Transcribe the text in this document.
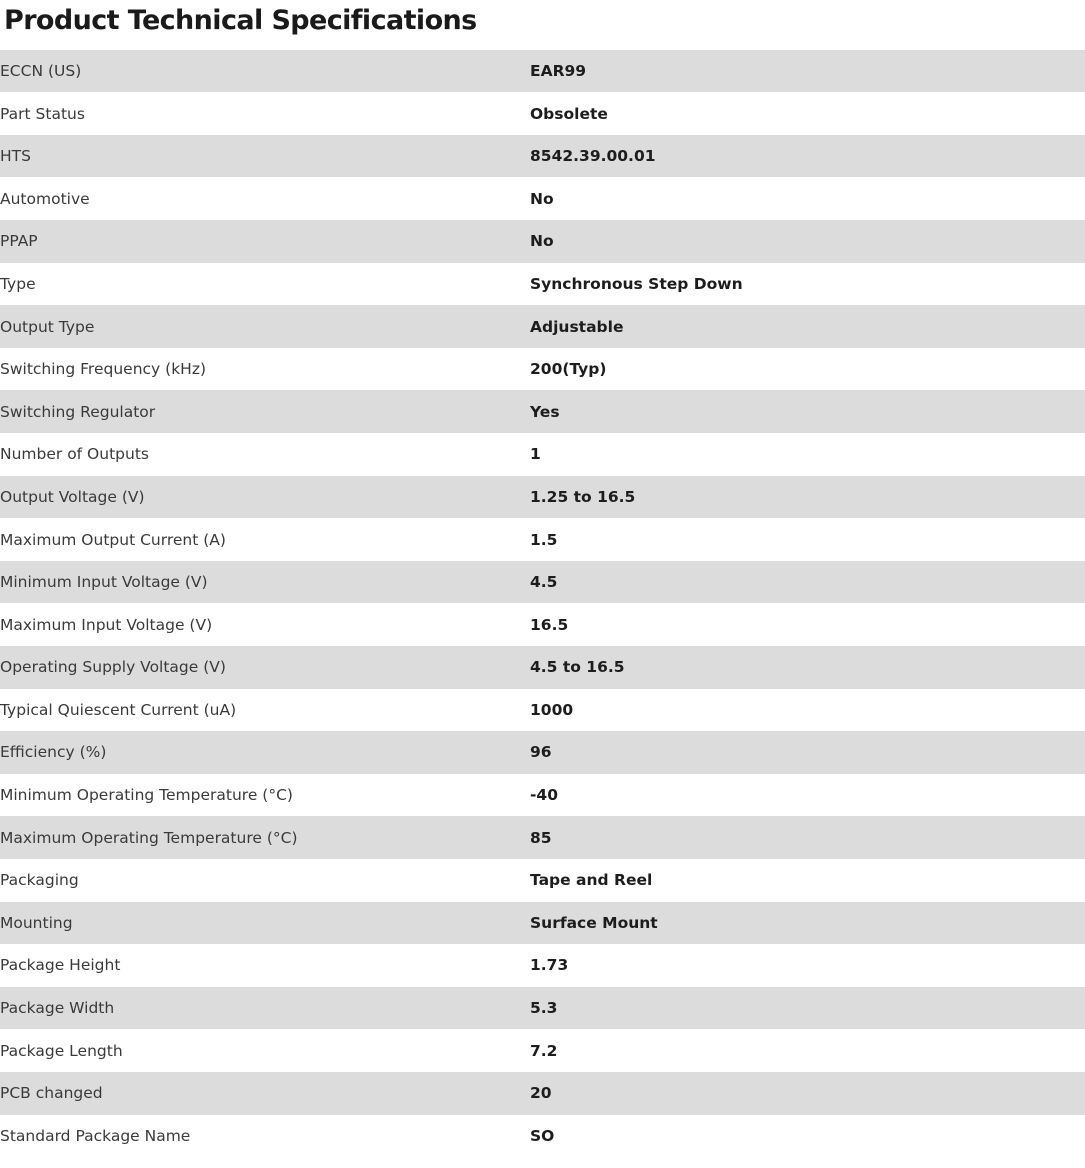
Product Technical Specifications
ECCN (US)	EAR99
Part Status	Obsolete
HTS	8542.39.00.01
Automotive	No
PPAP	No
Type	Synchronous Step Down
Output Type	Adjustable
Switching Frequency (kHz)	200(Typ)
Switching Regulator	Yes
Number of Outputs	1
Output Voltage (V)	1.25 to 16.5
Maximum Output Current (A)	1.5
Minimum Input Voltage (V)	4.5
Maximum Input Voltage (V)	16.5
Operating Supply Voltage (V)	4.5 to 16.5
Typical Quiescent Current (uA)	1000
Efficiency (%)	96
Minimum Operating Temperature (°C)	-40
Maximum Operating Temperature (°C)	85
Packaging	Tape and Reel
Mounting	Surface Mount
Package Height	1.73
Package Width	5.3
Package Length	7.2
PCB changed	20
Standard Package Name	SO
